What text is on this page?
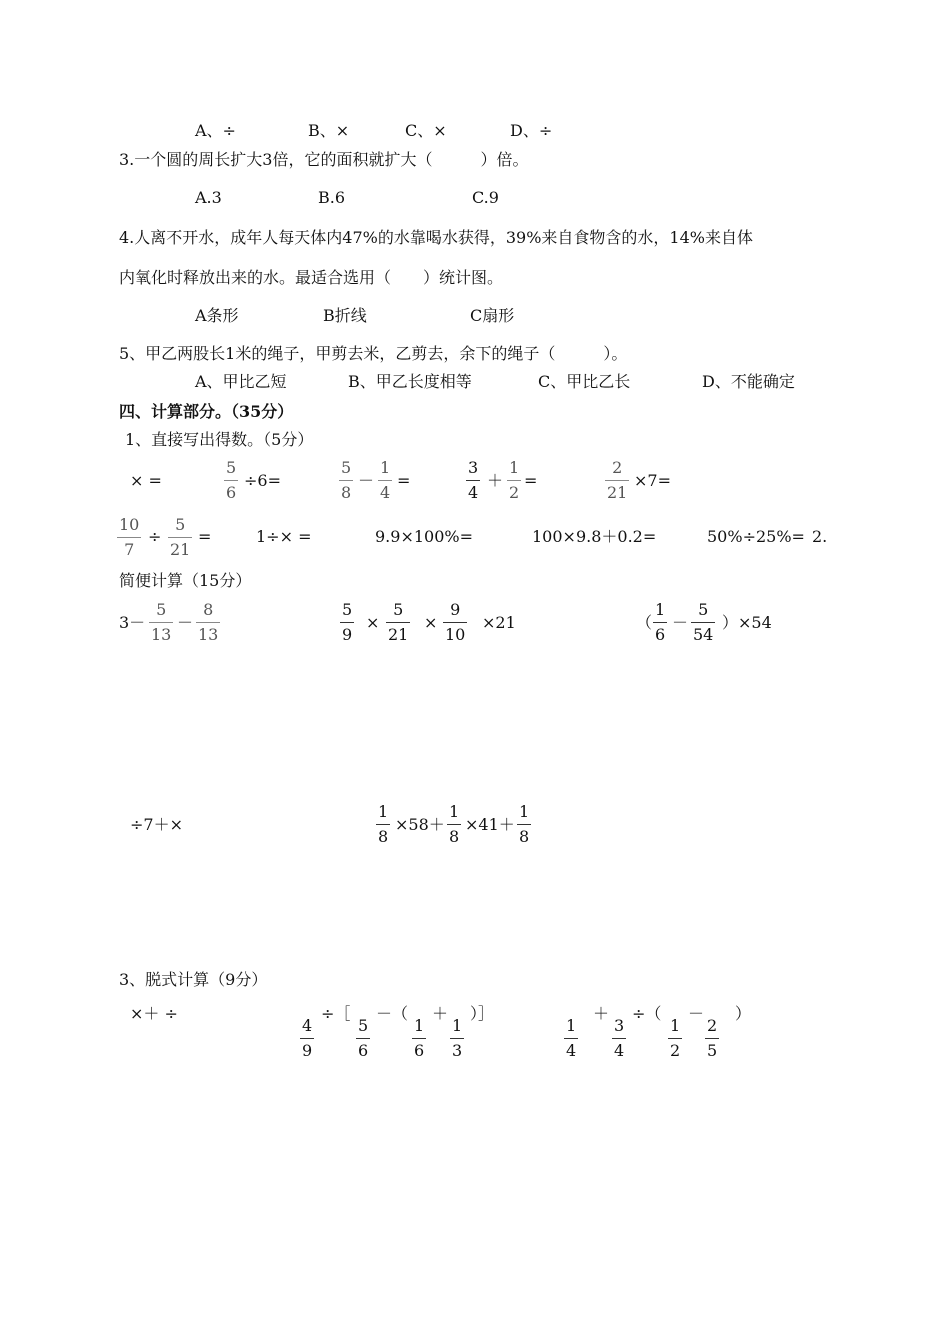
A、÷	B、×	C、×	D、÷
3.一个圆的周长扩大3倍，它的面积就扩大（　　　）倍。
A.3	B.6	C.9
4.人离不开水，成年人每天体内47%的水靠喝水获得，39%来自食物含的水，14%来自体
内氧化时释放出来的水。最适合选用（　　）统计图。
A条形	B折线	C扇形
5、甲乙两股长1米的绳子，甲剪去米，乙剪去，余下的绳子（　　　）。
A、甲比乙短	B、甲乙长度相等	C、甲比乙长	D、不能确定
四、计算部分。（35分）
1、直接写出得数。（5分）
× =
5
6
÷6=
5
8
－
1
4
=
3
4
＋
1
2
=
2
21
×7=
10
7
÷
5
21
=	1÷× =	9.9×100%=	100×9.8＋0.2=	50%÷25%= 2.
简便计算（15分）
3－
5
13
－
8
13
5
9
×
5
21
×
9
10
×21	（
1
6
－
5
54
）×54
÷7＋×
1
8
×58＋
1
8
×41＋
1
8
3、脱式计算（9分）
×＋ ÷
4
9
÷［
5
6
－（
1
6
＋
1
3
）］
1
4
＋
3
4
÷（
1
2
－
2
5
）
